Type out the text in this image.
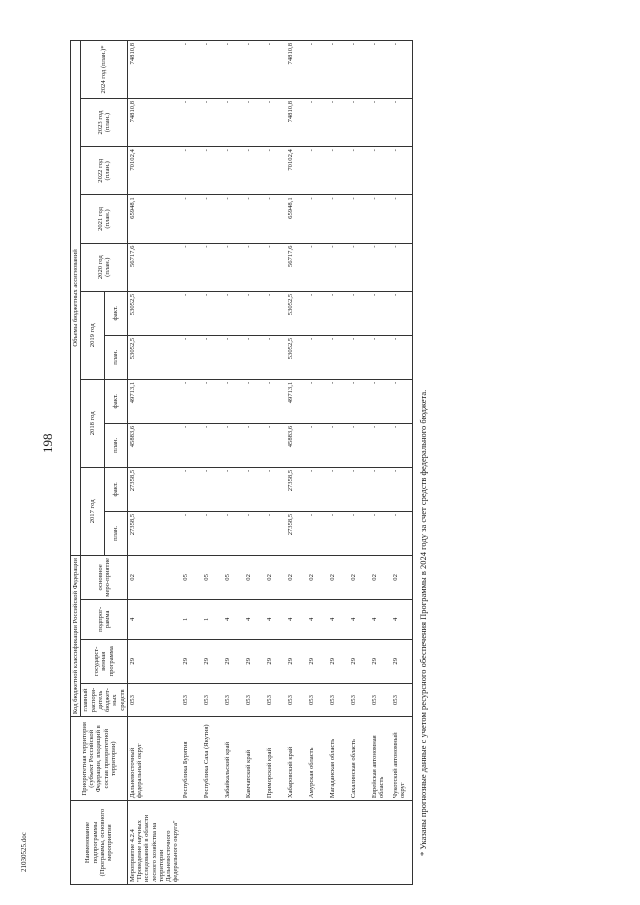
198
21030525.doc	* Указаны прогнозные данные с учетом ресурсного обеспечения Программы в 2024 году за счет средств федерального бюджета.
Наименование подпрограммы (Программы, основного мероприятия	Приоритетная территория (субъект Российской Федерации, входящий в состав приоритетной территории)	Код бюджетной классификации Российской Федерации				Объемы бюджетных ассигнований										
		главный распоря-дитель бюджет-ных средств	государст-венная программа	подпрог-рамма	основное меро-приятие	2017 год		2018 год		2019 год		2020 год (план.)	2021 год (план.)	2022 год (план.)	2023 год (план.)	2024 год (план.)*
						план.	факт.	план.	факт.	план.	факт.					
Мероприятие 4.2.4 "Проведение научных исследований в области лесного хозяйства на территории Дальневосточного федерального округа"	Дальневосточный федеральный округ	053	29	4	02	27358,5	27358,5	45883,6	49713,1	53052,5	53052,5	56717,6	65948,1	70102,4	74810,8	74810,8
	Республика Бурятия	053	29	1	05	-	-	-	-	-	-	-	-	-	-	-
	Республика Саха (Якутия)	053	29	1	05	-	-	-	-	-	-	-	-	-	-	-
	Забайкальский край	053	29	4	05	-	-	-	-	-	-	-	-	-	-	-
	Камчатский край	053	29	4	02	-	-	-	-	-	-	-	-	-	-	-
	Приморский край	053	29	4	02	-	-	-	-	-	-	-	-	-	-	-
	Хабаровский край	053	29	4	02	27358,5	27358,5	45883,6	49713,1	53052,5	53052,5	56717,6	65948,1	70102,4	74810,8	74810,8
	Амурская область	053	29	4	02	-	-	-	-	-	-	-	-	-	-	-
	Магаданская область	053	29	4	02	-	-	-	-	-	-	-	-	-	-	-
	Сахалинская область	053	29	4	02	-	-	-	-	-	-	-	-	-	-	-
	Еврейская автономная область	053	29	4	02	-	-	-	-	-	-	-	-	-	-	-
	Чукотский автономный округ	053	29	4	02	-	-	-	-	-	-	-	-	-	-	-
